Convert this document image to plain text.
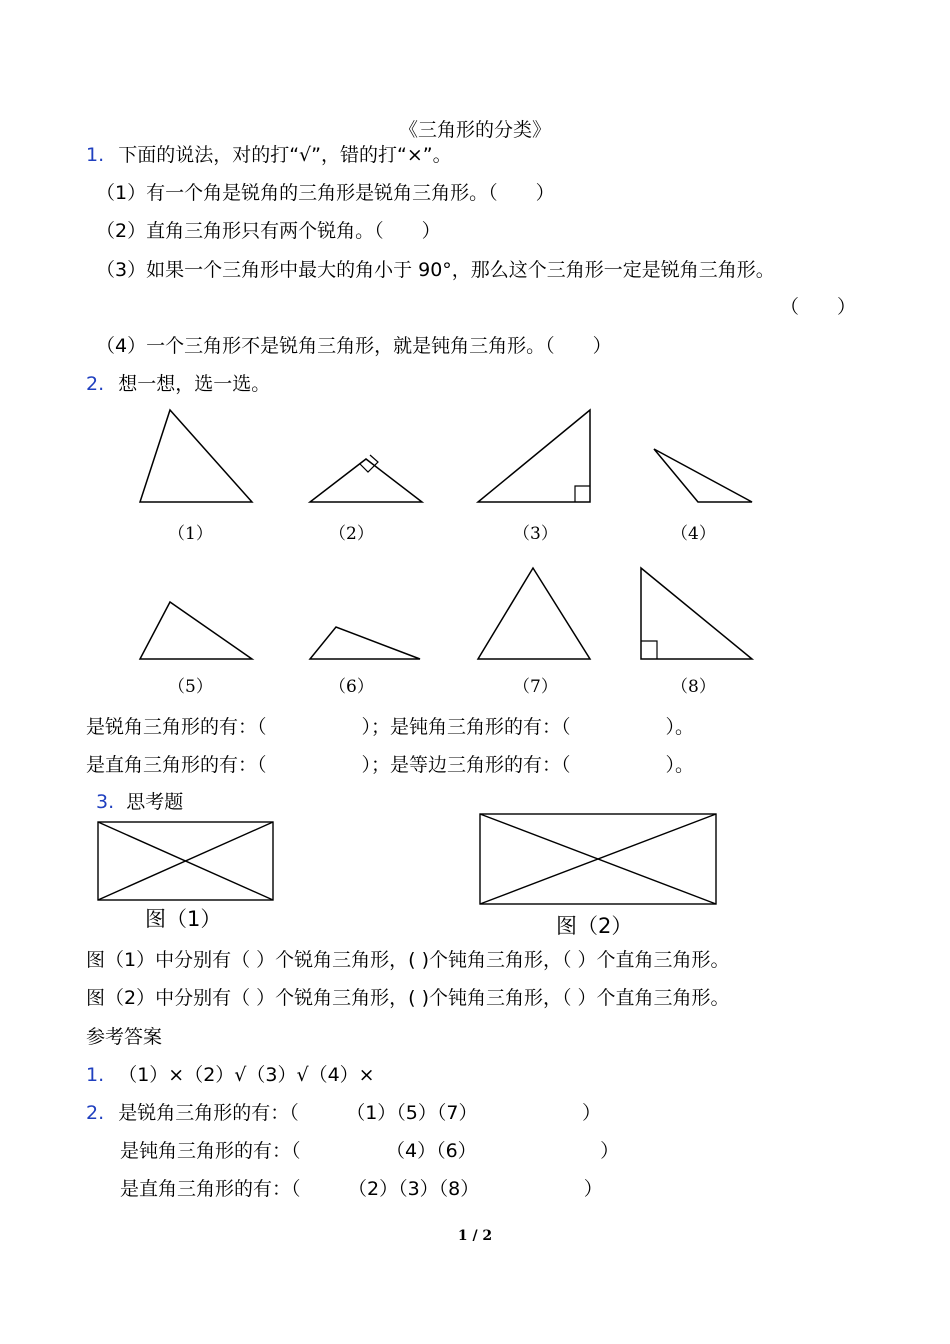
《三角形的分类》
1. 下面的说法，对的打“√”，错的打“×”。
（1）有一个角是锐角的三角形是锐角三角形。（　　）
（2）直角三角形只有两个锐角。（　　）
（3）如果一个三角形中最大的角小于 90°，那么这个三角形一定是锐角三角形。
（　　）
（4）一个三角形不是锐角三角形，就是钝角三角形。（　　）
2. 想一想，选一选。
（1）	（2）	（3）	（4）
（5）	（6）	（7）	（8）
是锐角三角形的有：（　　　　　）；是钝角三角形的有：（　　　　　）。
是直角三角形的有：（　　　　　）；是等边三角形的有：（　　　　　）。
3. 思考题
图（1）	图（2）
图（1）中分别有（ ）个锐角三角形，( )个钝角三角形，（ ）个直角三角形。
图（2）中分别有（ ）个锐角三角形，( )个钝角三角形，（ ）个直角三角形。
参考答案
1. （1）×（2）√（3）√（4）×
2. 是锐角三角形的有：（　　　（1）（5）（7）　　　　　　）
是钝角三角形的有：（　　　　　（4）（6）　　　　　　　）
是直角三角形的有：（　　　（2）（3）（8）　　　　　　）
1 / 2
